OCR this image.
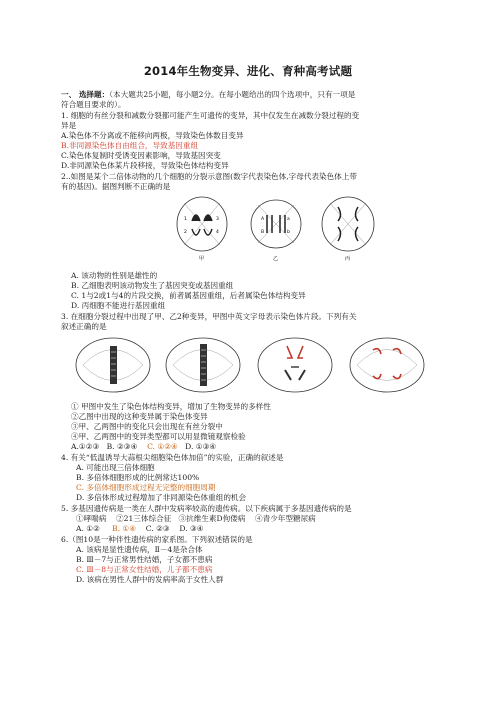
2014年生物变异、进化、育种高考试题
一、 选择题：（本大题共25小题，每小题2分。在每小题给出的四个选项中，只有一项是
符合题目要求的）。
1. 细胞的有丝分裂和减数分裂都可能产生可遗传的变异，其中仅发生在减数分裂过程的变
异是
A.染色体不分离或不能移向两极，导致染色体数目变异
B.非同源染色体自由组合，导致基因重组
C.染色体复制时受诱变因素影响，导致基因突变
D.非同源染色体某片段移接，导致染色体结构变异
2..如图是某个二倍体动物的几个细胞的分裂示意图(数字代表染色体,字母代表染色体上带
有的基因)。据图判断不正确的是
1
2
3
4
A	a
B	b
甲	乙	丙
A. 该动物的性别是雄性的
B. 乙细胞表明该动物发生了基因突变或基因重组
C. 1与2或1与4的片段交换，前者属基因重组，后者属染色体结构变异
D. 丙细胞不能进行基因重组
3. 在细胞分裂过程中出现了甲、乙2种变异，甲图中英文字母表示染色体片段。下列有关
叙述正确的是
① 甲图中发生了染色体结构变异，增加了生物变异的多样性
②乙图中出现的这种变异属于染色体变异
③甲、乙两图中的变化只会出现在有丝分裂中
④甲、乙两图中的变异类型都可以用显微镜观察检验
A.①②③ B. ②③④ C. ①②④ D. ①③④
4. 有关“低温诱导大蒜根尖细胞染色体加倍”的实验，正确的叙述是
A. 可能出现三倍体细胞
B. 多倍体细胞形成的比例常达100%
C. 多倍体细胞形成过程无完整的细胞周期
D. 多倍体形成过程增加了非同源染色体重组的机会
5. 多基因遗传病是一类在人群中发病率较高的遗传病。以下疾病属于多基因遗传病的是
①哮喘病 ②21三体综合征 ③抗维生素D佝偻病 ④青少年型糖尿病
A. ①② B. ①④ C. ②③ D. ③④
6.（图10是一种伴性遗传病的家系图。下列叙述错误的是
A. 该病是显性遗传病，Ⅱ－4是杂合体
B. Ⅲ－7与正常男性结婚，子女都不患病
C. Ⅲ－8与正常女性结婚，儿子都不患病
D. 该病在男性人群中的发病率高于女性人群
